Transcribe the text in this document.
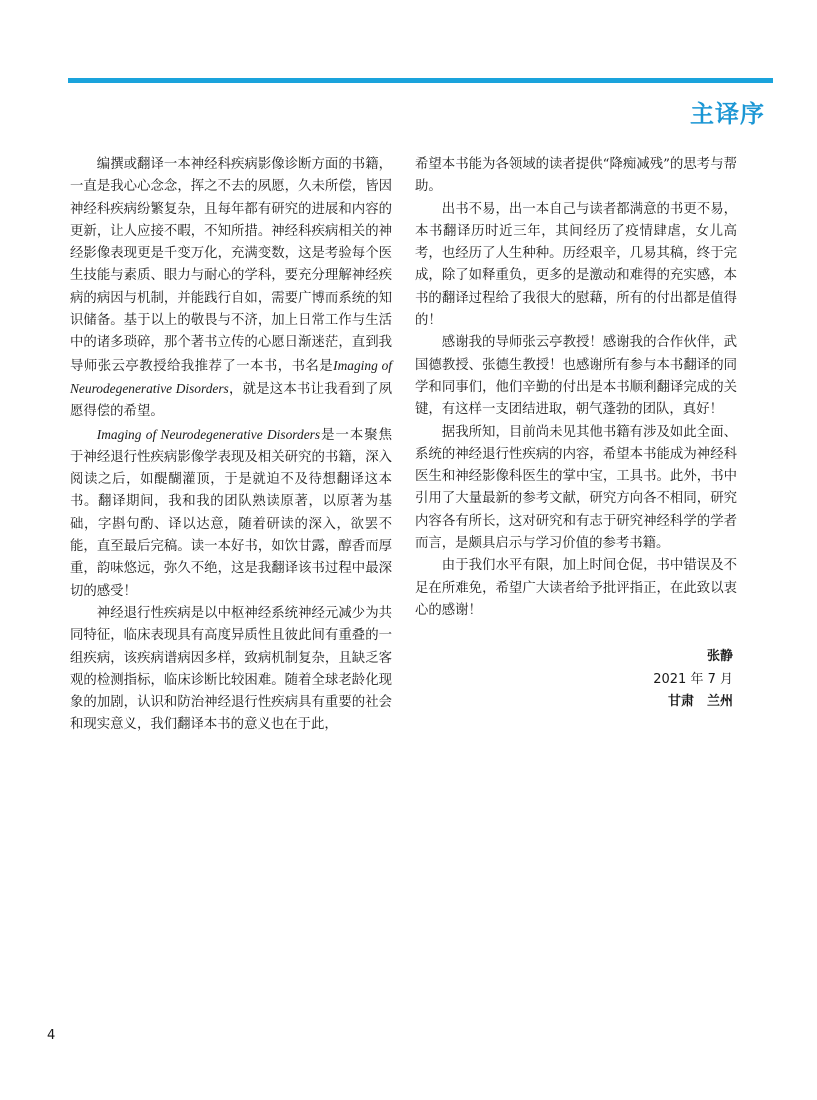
主译序

编撰或翻译一本神经科疾病影像诊断方面的书籍，一直是我心心念念，挥之不去的夙愿，久未所偿，皆因神经科疾病纷繁复杂，且每年都有研究的进展和内容的更新，让人应接不暇，不知所措。神经科疾病相关的神经影像表现更是千变万化，充满变数，这是考验每个医生技能与素质、眼力与耐心的学科，要充分理解神经疾病的病因与机制，并能践行自如，需要广博而系统的知识储备。基于以上的敬畏与不济，加上日常工作与生活中的诸多琐碎，那个著书立传的心愿日渐迷茫，直到我导师张云亭教授给我推荐了一本书，书名是Imaging of Neurodegenerative Disorders，就是这本书让我看到了夙愿得偿的希望。

Imaging of Neurodegenerative Disorders是一本聚焦于神经退行性疾病影像学表现及相关研究的书籍，深入阅读之后，如醍醐灌顶，于是就迫不及待想翻译这本书。翻译期间，我和我的团队熟读原著，以原著为基础，字斟句酌、译以达意，随着研读的深入，欲罢不能，直至最后完稿。读一本好书，如饮甘露，醇香而厚重，韵味悠远，弥久不绝，这是我翻译该书过程中最深切的感受！

神经退行性疾病是以中枢神经系统神经元减少为共同特征，临床表现具有高度异质性且彼此间有重叠的一组疾病，该疾病谱病因多样，致病机制复杂，且缺乏客观的检测指标，临床诊断比较困难。随着全球老龄化现象的加剧，认识和防治神经退行性疾病具有重要的社会和现实意义，我们翻译本书的意义也在于此，

希望本书能为各领域的读者提供“降痴减残”的思考与帮助。

出书不易，出一本自己与读者都满意的书更不易，本书翻译历时近三年，其间经历了疫情肆虐，女儿高考，也经历了人生种种。历经艰辛，几易其稿，终于完成，除了如释重负，更多的是激动和难得的充实感，本书的翻译过程给了我很大的慰藉，所有的付出都是值得的！

感谢我的导师张云亭教授！感谢我的合作伙伴，武国德教授、张德生教授！也感谢所有参与本书翻译的同学和同事们，他们辛勤的付出是本书顺利翻译完成的关键，有这样一支团结进取，朝气蓬勃的团队，真好！

据我所知，目前尚未见其他书籍有涉及如此全面、系统的神经退行性疾病的内容，希望本书能成为神经科医生和神经影像科医生的掌中宝，工具书。此外，书中引用了大量最新的参考文献，研究方向各不相同，研究内容各有所长，这对研究和有志于研究神经科学的学者而言，是颇具启示与学习价值的参考书籍。

由于我们水平有限，加上时间仓促，书中错误及不足在所难免，希望广大读者给予批评指正，在此致以衷心的感谢！

张静
2021 年 7 月
甘肃　兰州
4
